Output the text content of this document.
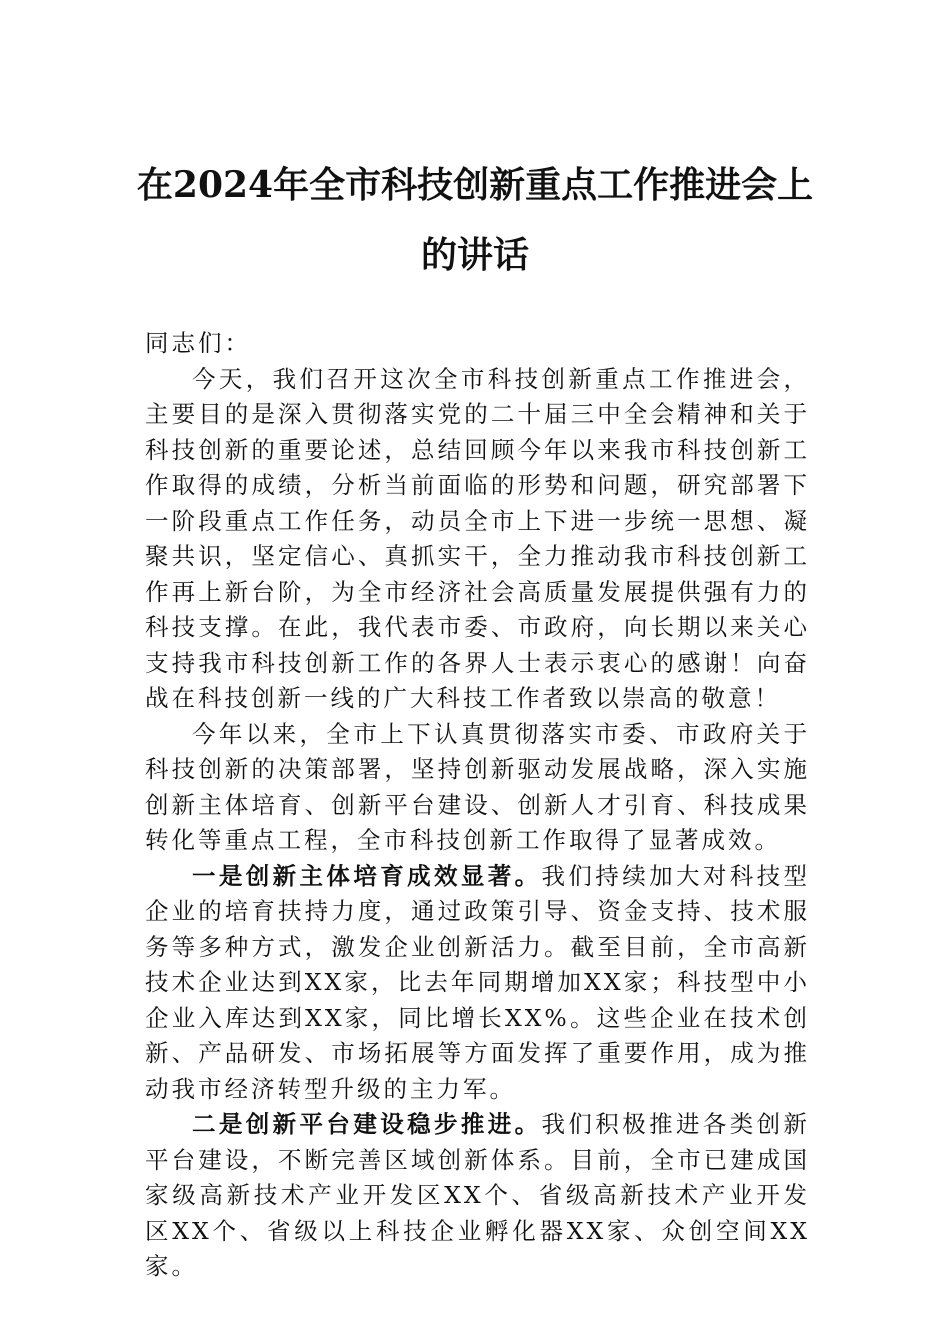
在2024年全市科技创新重点工作推进会上的讲话

同志们：

今天，我们召开这次全市科技创新重点工作推进会，主要目的是深入贯彻落实党的二十届三中全会精神和关于科技创新的重要论述，总结回顾今年以来我市科技创新工作取得的成绩，分析当前面临的形势和问题，研究部署下一阶段重点工作任务，动员全市上下进一步统一思想、凝聚共识，坚定信心、真抓实干，全力推动我市科技创新工作再上新台阶，为全市经济社会高质量发展提供强有力的科技支撑。在此，我代表市委、市政府，向长期以来关心支持我市科技创新工作的各界人士表示衷心的感谢！向奋战在科技创新一线的广大科技工作者致以崇高的敬意！

今年以来，全市上下认真贯彻落实市委、市政府关于科技创新的决策部署，坚持创新驱动发展战略，深入实施创新主体培育、创新平台建设、创新人才引育、科技成果转化等重点工程，全市科技创新工作取得了显著成效。

一是创新主体培育成效显著。我们持续加大对科技型企业的培育扶持力度，通过政策引导、资金支持、技术服务等多种方式，激发企业创新活力。截至目前，全市高新技术企业达到XX家，比去年同期增加XX家；科技型中小企业入库达到XX家，同比增长XX%。这些企业在技术创新、产品研发、市场拓展等方面发挥了重要作用，成为推动我市经济转型升级的主力军。

二是创新平台建设稳步推进。我们积极推进各类创新平台建设，不断完善区域创新体系。目前，全市已建成国家级高新技术产业开发区XX个、省级高新技术产业开发区XX个、省级以上科技企业孵化器XX家、众创空间XX家。
